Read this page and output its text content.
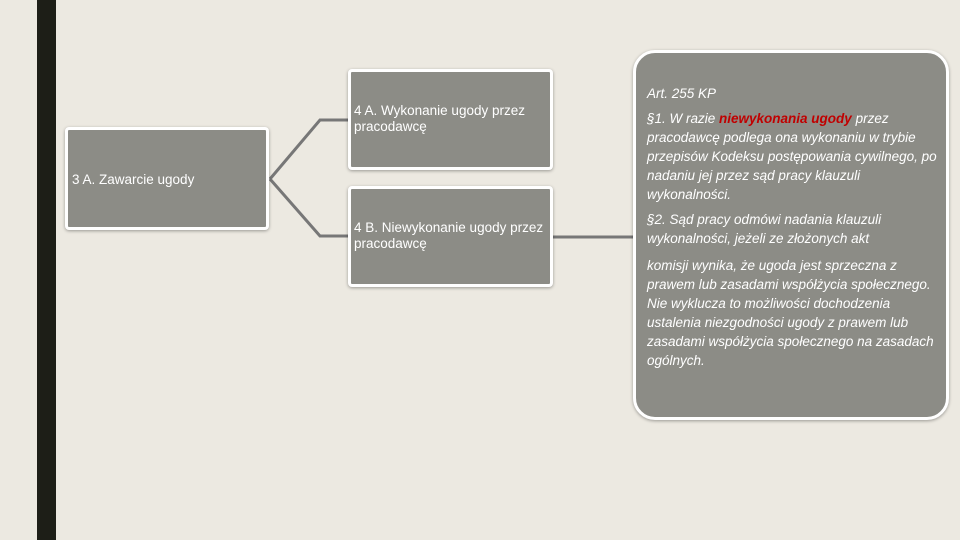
3 A. Zawarcie ugody
4 A. Wykonanie ugody przez pracodawcę
4 B. Niewykonanie ugody przez pracodawcę

Art. 255 KP

§1. W razie niewykonania ugody przez pracodawcę podlega ona wykonaniu w trybie przepisów Kodeksu postępowania cywilnego, po nadaniu jej przez sąd pracy klauzuli wykonalności.

§2. Sąd pracy odmówi nadania klauzuli wykonalności, jeżeli ze złożonych akt

komisji wynika, że ugoda jest sprzeczna z prawem lub zasadami współżycia społecznego. Nie wyklucza to możliwości dochodzenia ustalenia niezgodności ugody z prawem lub zasadami współżycia społecznego na zasadach ogólnych.
